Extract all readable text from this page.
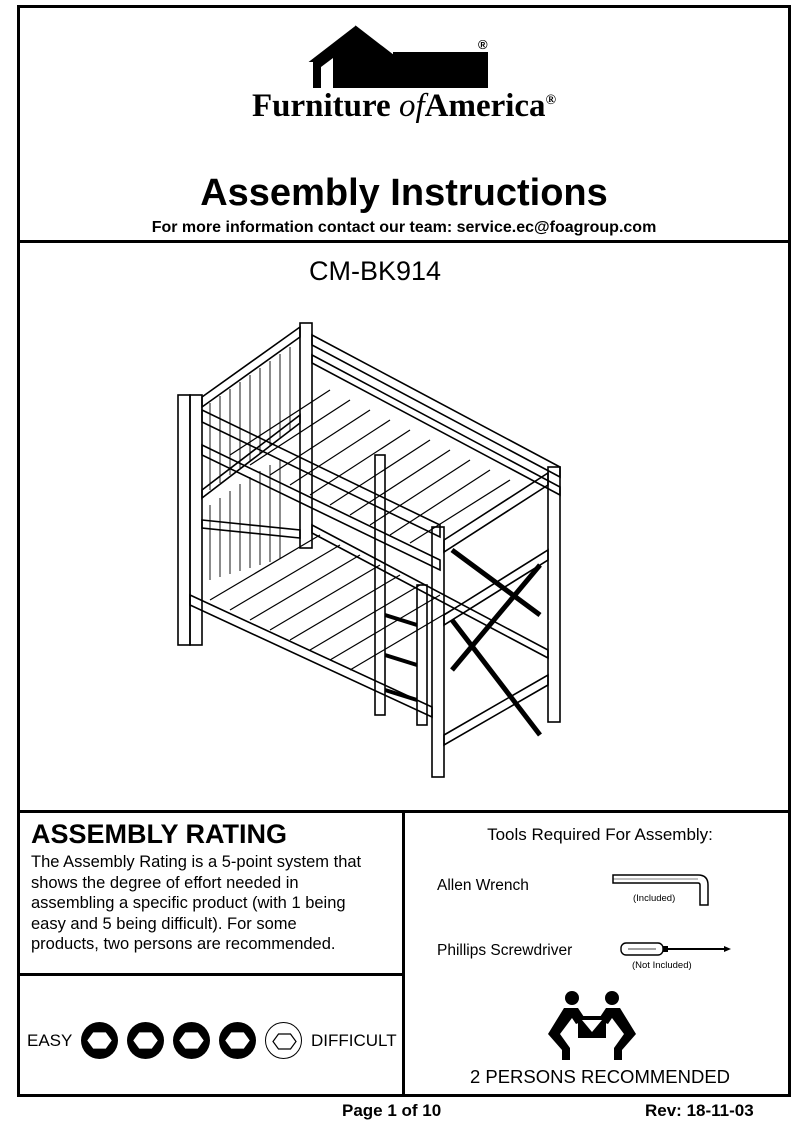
®
Furniture ofAmerica®
Assembly Instructions
For more information contact our team: service.ec@foagroup.com
CM-BK914
ASSEMBLY RATING
The Assembly Rating is a 5-point system that
shows the degree of effort needed in
assembling a specific product (with 1 being
easy and 5 being difficult). For some
products, two persons are recommended.
EASY	DIFFICULT
Tools Required For Assembly:
Allen Wrench
(Included)
Phillips Screwdriver
(Not Included)
2 PERSONS RECOMMENDED
Page 1 of 10	Rev: 18-11-03
